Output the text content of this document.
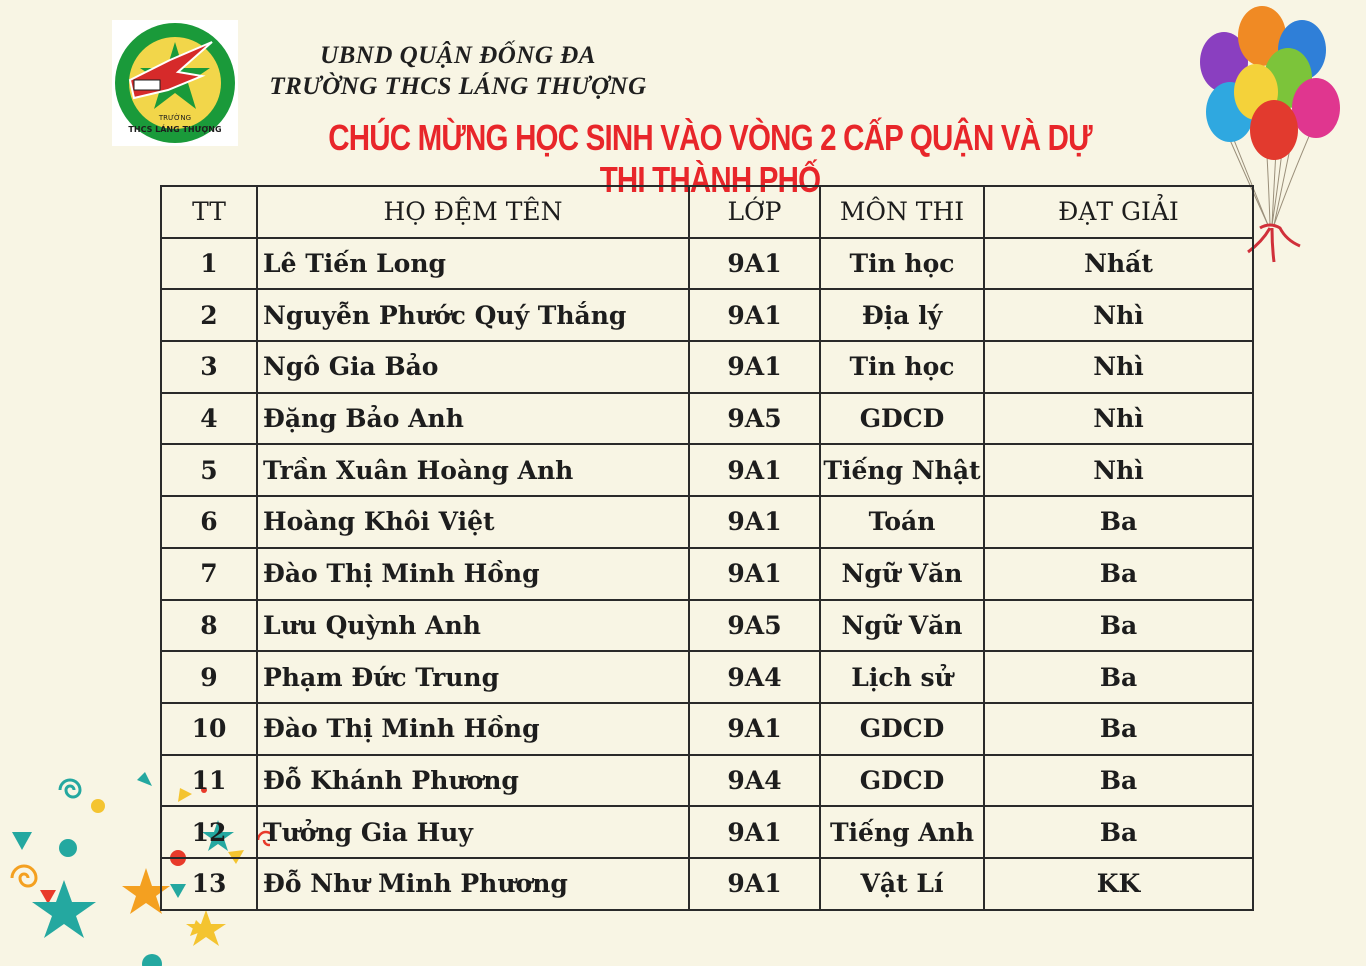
TRƯỜNG
THCS LÁNG THƯỢNG

UBND QUẬN ĐỐNG ĐA

TRƯỜNG THCS LÁNG THƯỢNG

CHÚC MỪNG HỌC SINH VÀO VÒNG 2 CẤP QUẬN VÀ DỰ THI THÀNH PHỐ
TT	HỌ ĐỆM TÊN	LỚP	MÔN THI	ĐẠT GIẢI
1	Lê Tiến Long	9A1	Tin học	Nhất
2	Nguyễn Phước Quý Thắng	9A1	Địa lý	Nhì
3	Ngô Gia Bảo	9A1	Tin học	Nhì
4	Đặng Bảo Anh	9A5	GDCD	Nhì
5	Trần Xuân Hoàng Anh	9A1	Tiếng Nhật	Nhì
6	Hoàng Khôi Việt	9A1	Toán	Ba
7	Đào Thị Minh Hồng	9A1	Ngữ Văn	Ba
8	Lưu Quỳnh Anh	9A5	Ngữ Văn	Ba
9	Phạm Đức Trung	9A4	Lịch sử	Ba
10	Đào Thị Minh Hồng	9A1	GDCD	Ba
11	Đỗ Khánh Phương	9A4	GDCD	Ba
12	Tưởng Gia Huy	9A1	Tiếng Anh	Ba
13	Đỗ Như Minh Phương	9A1	Vật Lí	KK
